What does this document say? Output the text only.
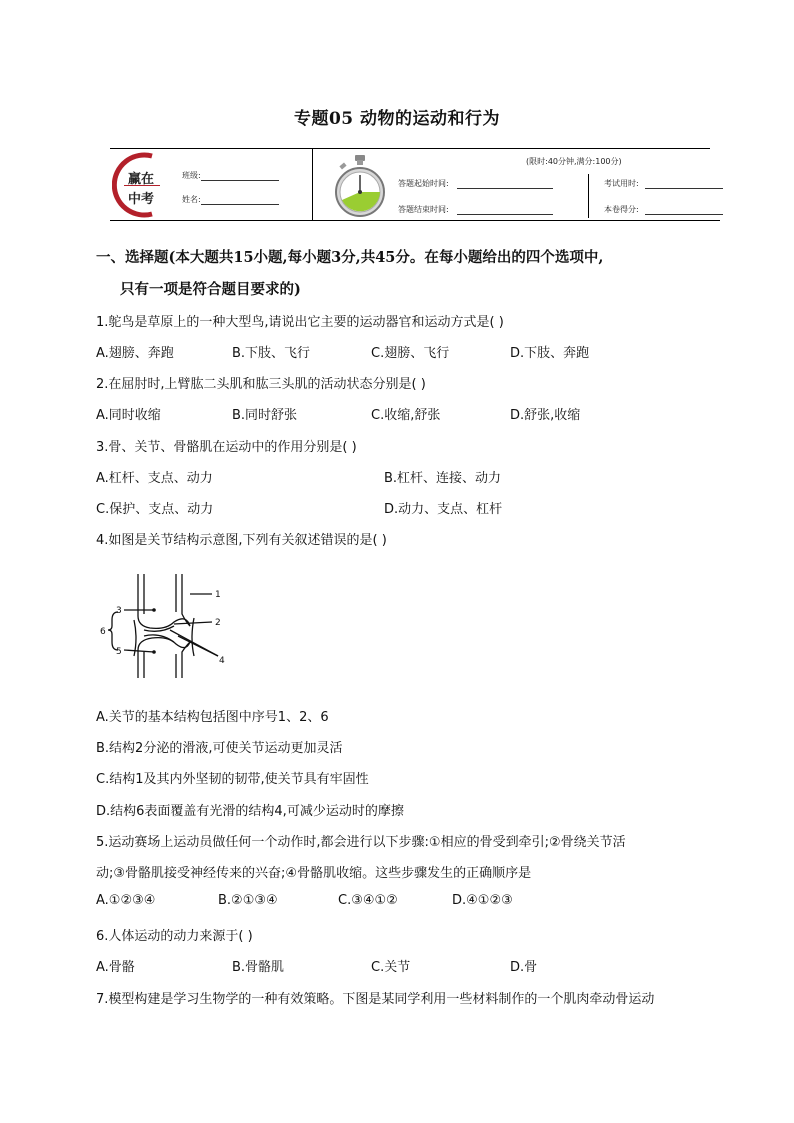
专题05 动物的运动和行为
赢在
中考
班级:
姓名:
(限时:40分钟,满分:100分)
答题起始时间:
答题结束时间:
考试用时:
本卷得分:
一、选择题(本大题共15小题,每小题3分,共45分。在每小题给出的四个选项中,
只有一项是符合题目要求的)
1.鸵鸟是草原上的一种大型鸟,请说出它主要的运动器官和运动方式是( )
A.翅膀、奔跑	B.下肢、飞行	C.翅膀、飞行	D.下肢、奔跑
2.在屈肘时,上臂肱二头肌和肱三头肌的活动状态分别是( )
A.同时收缩	B.同时舒张	C.收缩,舒张	D.舒张,收缩
3.骨、关节、骨骼肌在运动中的作用分别是( )
A.杠杆、支点、动力	B.杠杆、连接、动力
C.保护、支点、动力	D.动力、支点、杠杆
4.如图是关节结构示意图,下列有关叙述错误的是( )
1
2
3
4
5
6
A.关节的基本结构包括图中序号1、2、6
B.结构2分泌的滑液,可使关节运动更加灵活
C.结构1及其内外坚韧的韧带,使关节具有牢固性
D.结构6表面覆盖有光滑的结构4,可减少运动时的摩擦
5.运动赛场上运动员做任何一个动作时,都会进行以下步骤:①相应的骨受到牵引;②骨绕关节活
动;③骨骼肌接受神经传来的兴奋;④骨骼肌收缩。这些步骤发生的正确顺序是
A.①②③④	B.②①③④	C.③④①②	D.④①②③
6.人体运动的动力来源于( )
A.骨骼	B.骨骼肌	C.关节	D.骨
7.模型构建是学习生物学的一种有效策略。下图是某同学利用一些材料制作的一个肌肉牵动骨运动
